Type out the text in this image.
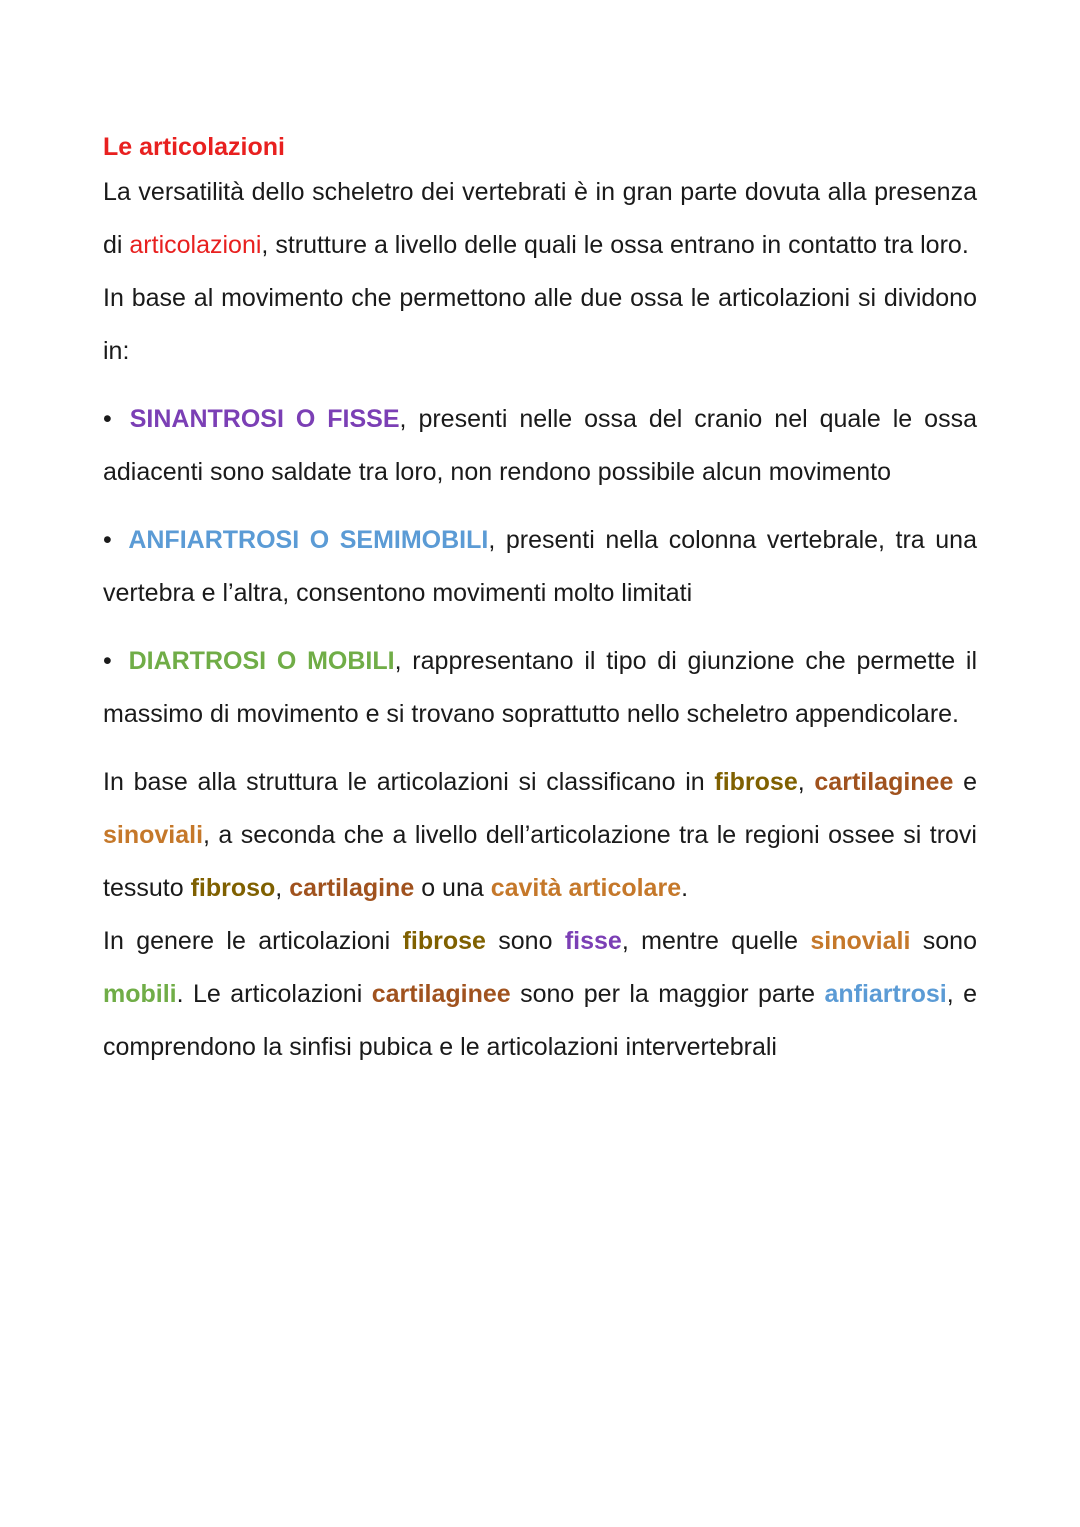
Le articolazioni

La versatilità dello scheletro dei vertebrati è in gran parte dovuta alla presenza di articolazioni, strutture a livello delle quali le ossa entrano in contatto tra loro.

In base al movimento che permettono alle due ossa le articolazioni si dividono in:

• SINANTROSI O FISSE, presenti nelle ossa del cranio nel quale le ossa adiacenti sono saldate tra loro, non rendono possibile alcun movimento

• ANFIARTROSI O SEMIMOBILI, presenti nella colonna vertebrale, tra una vertebra e l’altra, consentono movimenti molto limitati

• DIARTROSI O MOBILI, rappresentano il tipo di giunzione che permette il massimo di movimento e si trovano soprattutto nello scheletro appendicolare.

In base alla struttura le articolazioni si classificano in fibrose, cartilaginee e sinoviali, a seconda che a livello dell’articolazione tra le regioni ossee si trovi tessuto fibroso, cartilagine o una cavità articolare.

In genere le articolazioni fibrose sono fisse, mentre quelle sinoviali sono mobili. Le articolazioni cartilaginee sono per la maggior parte anfiartrosi, e comprendono la sinfisi pubica e le articolazioni intervertebrali
